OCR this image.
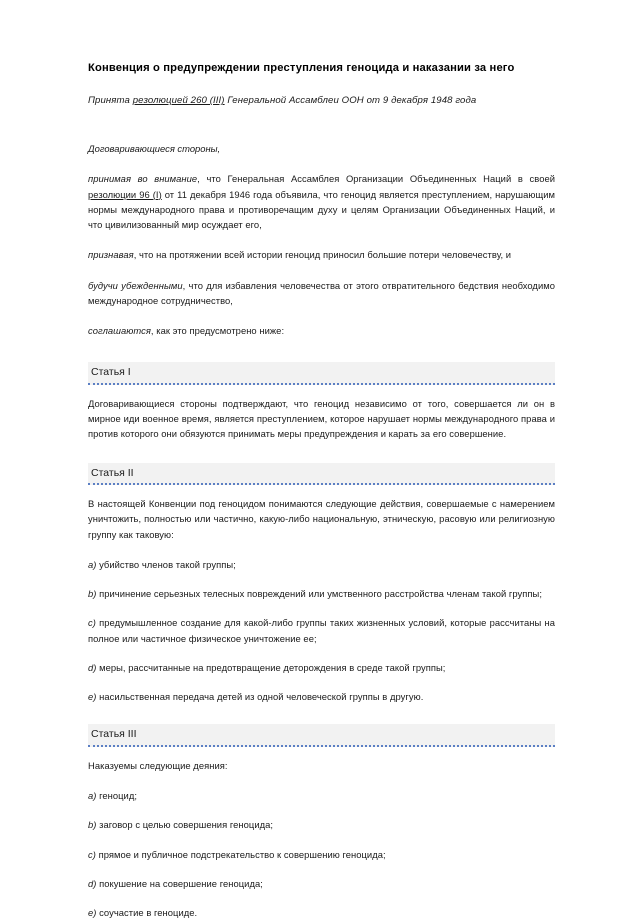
Конвенция о предупреждении преступления геноцида и наказании за него

Принята резолюцией 260 (III) Генеральной Ассамблеи ООН от 9 декабря 1948 года

Договаривающиеся стороны,

принимая во внимание, что Генеральная Ассамблея Организации Объединенных Наций в своей резолюции 96 (I) от 11 декабря 1946 года объявила, что геноцид является преступлением, нарушающим нормы международного права и противоречащим духу и целям Организации Объединенных Наций, и что цивилизованный мир осуждает его,

признавая, что на протяжении всей истории геноцид приносил большие потери человечеству, и

будучи убежденными, что для избавления человечества от этого отвратительного бедствия необходимо международное сотрудничество,

соглашаются, как это предусмотрено ниже:

Статья I

Договаривающиеся стороны подтверждают, что геноцид независимо от того, совершается ли он в мирное иди военное время, является преступлением, которое нарушает нормы международного права и против которого они обязуются принимать меры предупреждения и карать за его совершение.

Статья II

В настоящей Конвенции под геноцидом понимаются следующие действия, совершаемые с намерением уничтожить, полностью или частично, какую-либо национальную, этническую, расовую или религиозную группу как таковую:

a) убийство членов такой группы;

b) причинение серьезных телесных повреждений или умственного расстройства членам такой группы;

c) предумышленное создание для какой-либо группы таких жизненных условий, которые рассчитаны на полное или частичное физическое уничтожение ее;

d) меры, рассчитанные на предотвращение деторождения в среде такой группы;

e) насильственная передача детей из одной человеческой группы в другую.

Статья III

Наказуемы следующие деяния:

a) геноцид;

b) заговор с целью совершения геноцида;

c) прямое и публичное подстрекательство к совершению геноцида;

d) покушение на совершение геноцида;

e) соучастие в геноциде.
